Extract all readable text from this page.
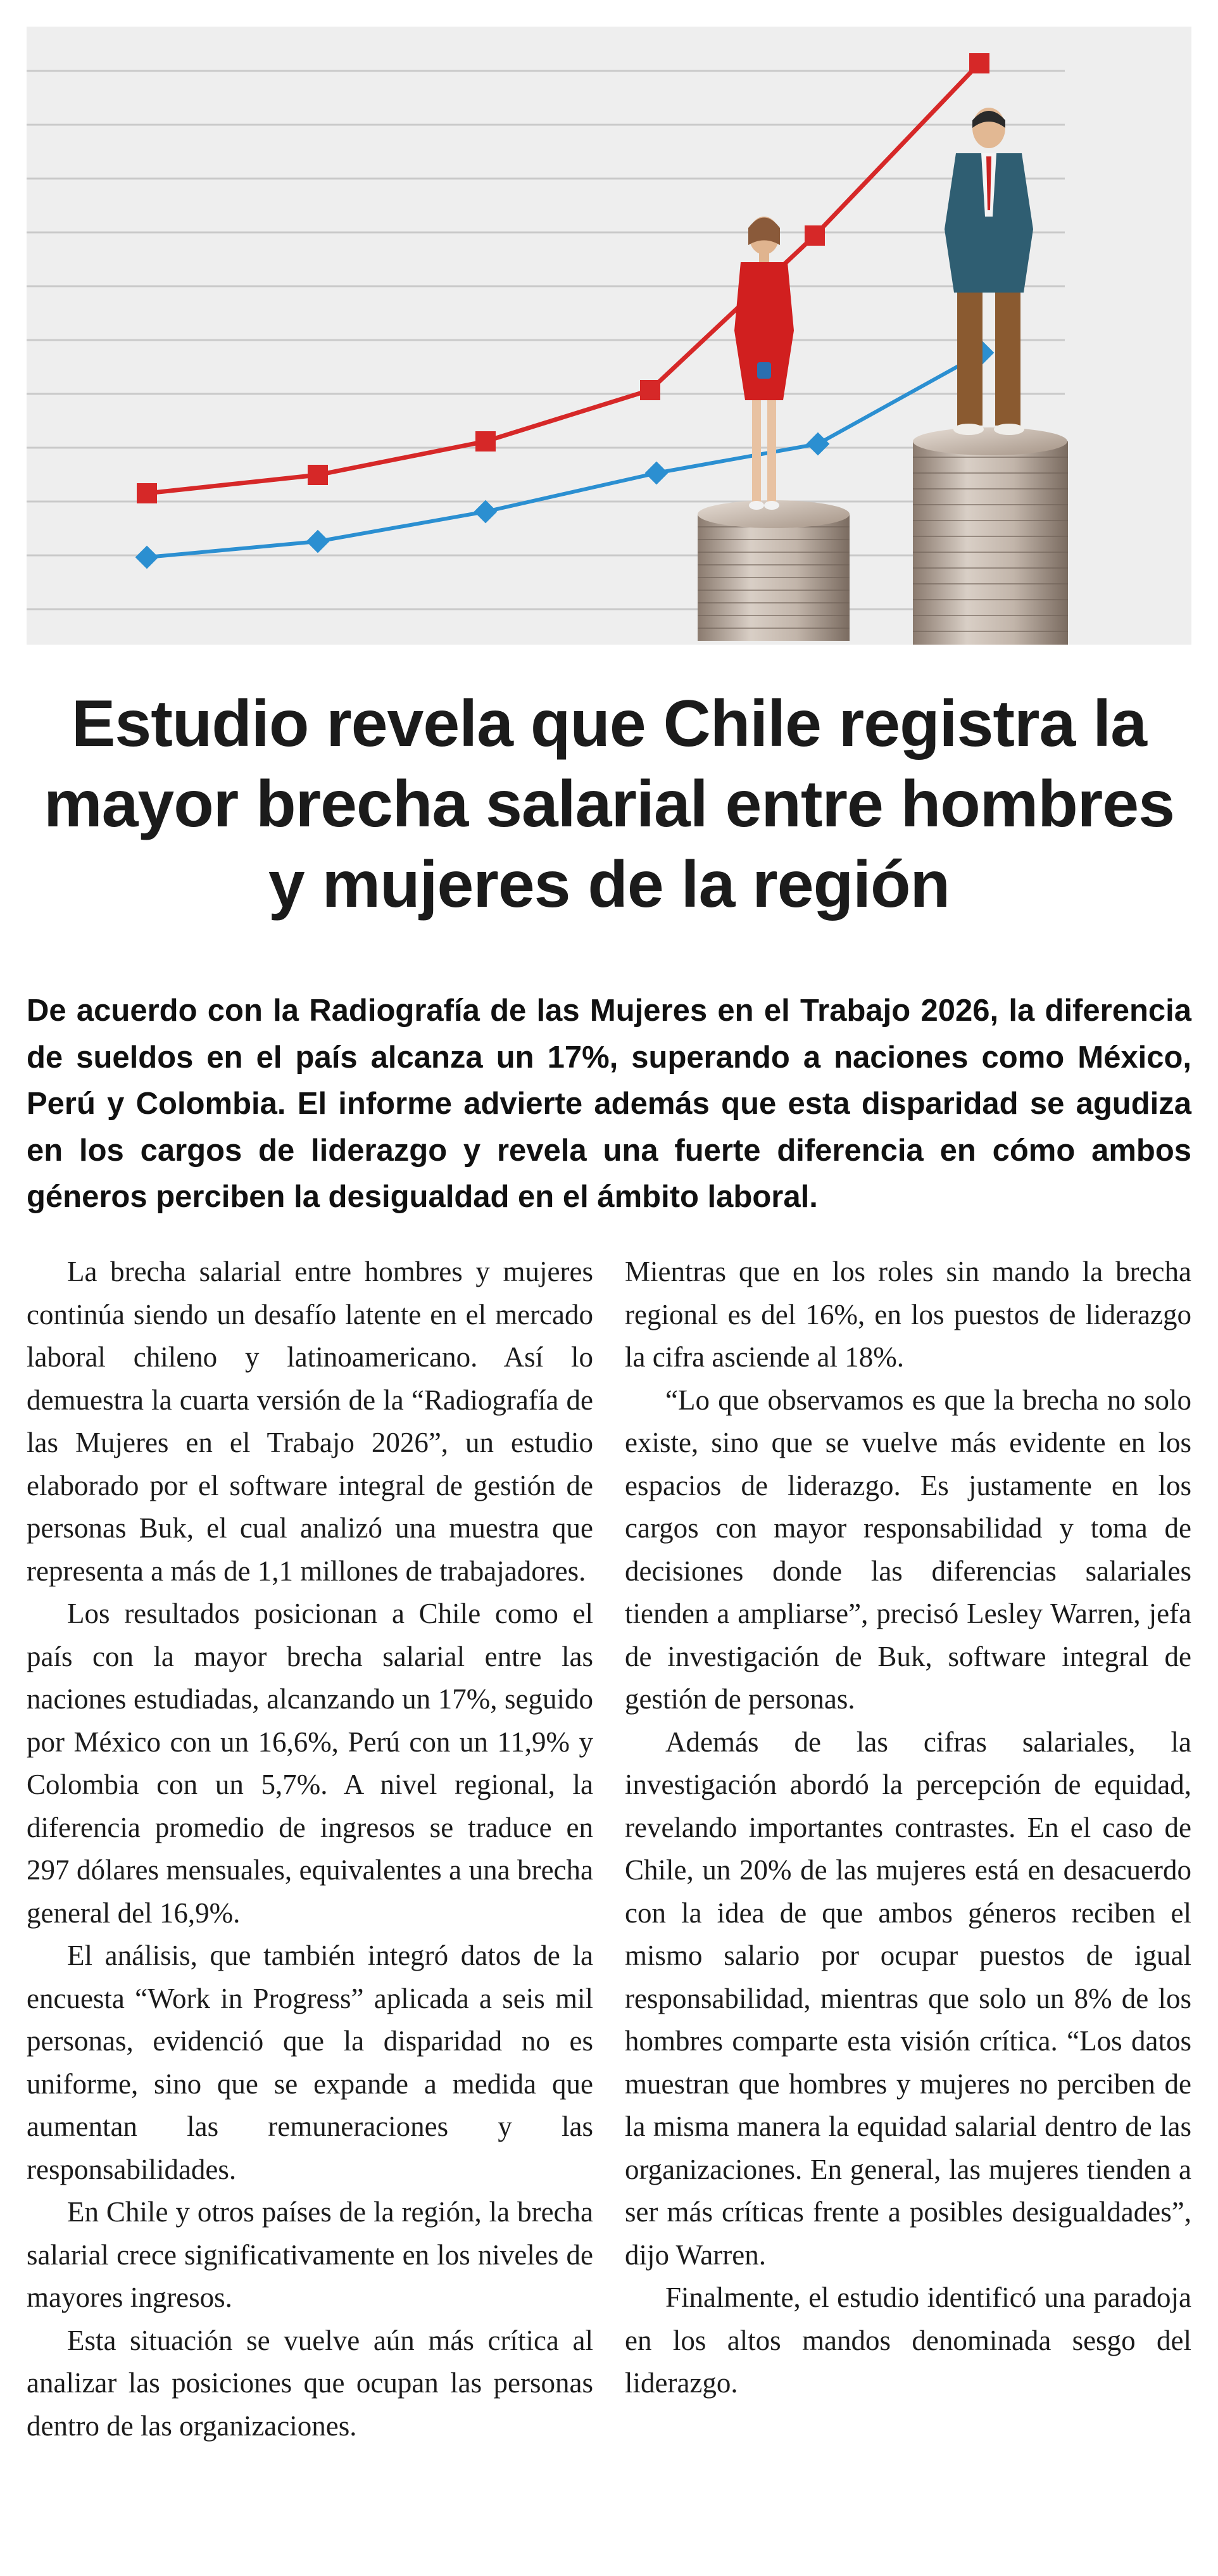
Estudio revela que Chile registra la mayor brecha salarial entre hombres y mujeres de la región

De acuerdo con la Radiografía de las Mujeres en el Trabajo 2026, la diferencia de sueldos en el país alcanza un 17%, superando a naciones como México, Perú y Colombia. El informe advierte además que esta disparidad se agudiza en los cargos de liderazgo y revela una fuerte diferencia en cómo ambos géneros perciben la desigualdad en el ámbito laboral.

La brecha salarial entre hombres y mujeres continúa siendo un desafío latente en el mercado laboral chileno y latinoamericano. Así lo demuestra la cuarta versión de la “Radiografía de las Mujeres en el Trabajo 2026”, un estudio elaborado por el software integral de gestión de personas Buk, el cual analizó una muestra que representa a más de 1,1 millones de trabajadores.

Los resultados posicionan a Chile como el país con la mayor brecha salarial entre las naciones estudiadas, alcanzando un 17%, seguido por México con un 16,6%, Perú con un 11,9% y Colombia con un 5,7%. A nivel regional, la diferencia promedio de ingresos se traduce en 297 dólares mensuales, equivalentes a una brecha general del 16,9%.

El análisis, que también integró datos de la encuesta “Work in Progress” aplicada a seis mil personas, evidenció que la disparidad no es uniforme, sino que se expande a medida que aumentan las remuneraciones y las responsabilidades.

En Chile y otros países de la región, la brecha salarial crece significativamente en los niveles de mayores ingresos.

Esta situación se vuelve aún más crítica al analizar las posiciones que ocupan las personas dentro de las organizaciones.

Mientras que en los roles sin mando la brecha regional es del 16%, en los puestos de liderazgo la cifra asciende al 18%.

“Lo que observamos es que la brecha no solo existe, sino que se vuelve más evidente en los espacios de liderazgo. Es justamente en los cargos con mayor responsabilidad y toma de decisiones donde las diferencias salariales tienden a ampliarse”, precisó Lesley Warren, jefa de investigación de Buk, software integral de gestión de personas.

Además de las cifras salariales, la investigación abordó la percepción de equidad, revelando importantes contrastes. En el caso de Chile, un 20% de las mujeres está en desacuerdo con la idea de que ambos géneros reciben el mismo salario por ocupar puestos de igual responsabilidad, mientras que solo un 8% de los hombres comparte esta visión crítica. “Los datos muestran que hombres y mujeres no perciben de la misma manera la equidad salarial dentro de las organizaciones. En general, las mujeres tienden a ser más críticas frente a posibles desigualdades”, dijo Warren.

Finalmente, el estudio identificó una paradoja en los altos mandos denominada sesgo del liderazgo.
